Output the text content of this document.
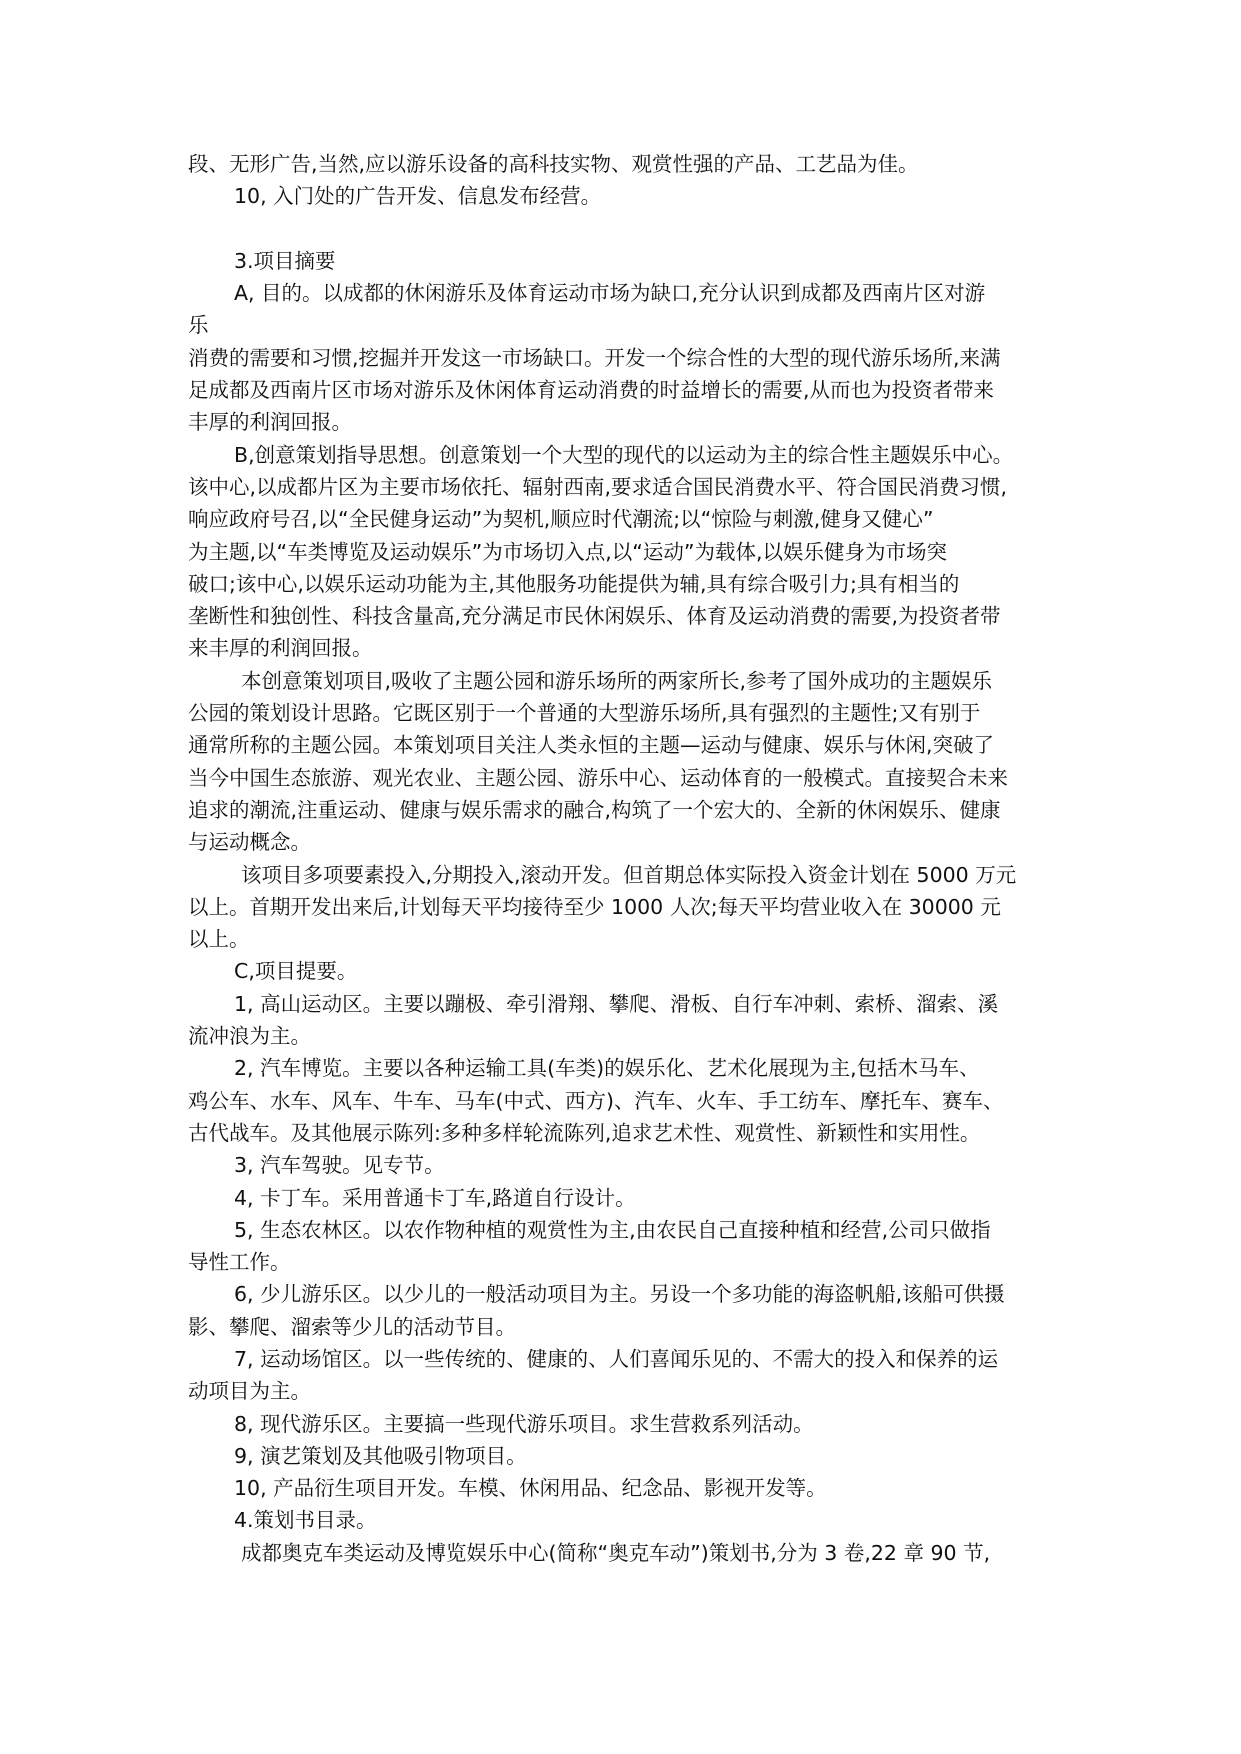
段、无形广告,当然,应以游乐设备的高科技实物、观赏性强的产品、工艺品为佳。
10, 入门处的广告开发、信息发布经营。
3.项目摘要
A, 目的。以成都的休闲游乐及体育运动市场为缺口,充分认识到成都及西南片区对游
乐
消费的需要和习惯,挖掘并开发这一市场缺口。开发一个综合性的大型的现代游乐场所,来满
足成都及西南片区市场对游乐及休闲体育运动消费的时益增长的需要,从而也为投资者带来
丰厚的利润回报。
B,创意策划指导思想。创意策划一个大型的现代的以运动为主的综合性主题娱乐中心。
该中心,以成都片区为主要市场依托、辐射西南,要求适合国民消费水平、符合国民消费习惯,
响应政府号召,以“全民健身运动”为契机,顺应时代潮流;以“惊险与刺激,健身又健心”
为主题,以“车类博览及运动娱乐”为市场切入点,以“运动”为载体,以娱乐健身为市场突
破口;该中心,以娱乐运动功能为主,其他服务功能提供为辅,具有综合吸引力;具有相当的
垄断性和独创性、科技含量高,充分满足市民休闲娱乐、体育及运动消费的需要,为投资者带
来丰厚的利润回报。
本创意策划项目,吸收了主题公园和游乐场所的两家所长,参考了国外成功的主题娱乐
公园的策划设计思路。它既区别于一个普通的大型游乐场所,具有强烈的主题性;又有别于
通常所称的主题公园。本策划项目关注人类永恒的主题—运动与健康、娱乐与休闲,突破了
当今中国生态旅游、观光农业、主题公园、游乐中心、运动体育的一般模式。直接契合未来
追求的潮流,注重运动、健康与娱乐需求的融合,构筑了一个宏大的、全新的休闲娱乐、健康
与运动概念。
该项目多项要素投入,分期投入,滚动开发。但首期总体实际投入资金计划在 5000 万元
以上。首期开发出来后,计划每天平均接待至少 1000 人次;每天平均营业收入在 30000 元
以上。
C,项目提要。
1, 高山运动区。主要以蹦极、牵引滑翔、攀爬、滑板、自行车冲刺、索桥、溜索、溪
流冲浪为主。
2, 汽车博览。主要以各种运输工具(车类)的娱乐化、艺术化展现为主,包括木马车、
鸡公车、水车、风车、牛车、马车(中式、西方)、汽车、火车、手工纺车、摩托车、赛车、
古代战车。及其他展示陈列:多种多样轮流陈列,追求艺术性、观赏性、新颖性和实用性。
3, 汽车驾驶。见专节。
4, 卡丁车。采用普通卡丁车,路道自行设计。
5, 生态农林区。以农作物种植的观赏性为主,由农民自己直接种植和经营,公司只做指
导性工作。
6, 少儿游乐区。以少儿的一般活动项目为主。另设一个多功能的海盗帆船,该船可供摄
影、攀爬、溜索等少儿的活动节目。
7, 运动场馆区。以一些传统的、健康的、人们喜闻乐见的、不需大的投入和保养的运
动项目为主。
8, 现代游乐区。主要搞一些现代游乐项目。求生营救系列活动。
9, 演艺策划及其他吸引物项目。
10, 产品衍生项目开发。车模、休闲用品、纪念品、影视开发等。
4.策划书目录。
成都奥克车类运动及博览娱乐中心(简称“奥克车动”)策划书,分为 3 卷,22 章 90 节,
